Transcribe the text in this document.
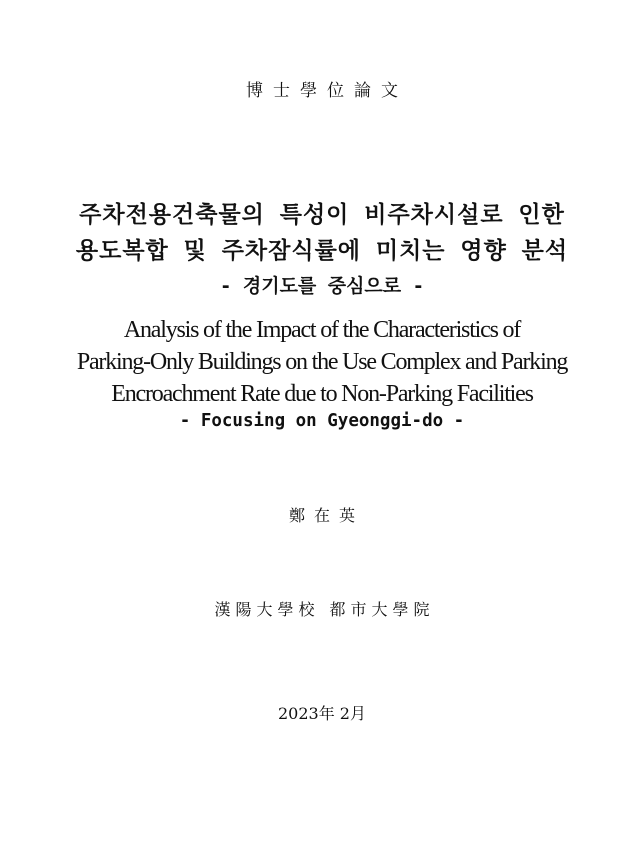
博士學位論文
주차전용건축물의 특성이 비주차시설로 인한
용도복합 및 주차잠식률에 미치는 영향 분석
- 경기도를 중심으로 -
Analysis of the Impact of the Characteristics of
Parking-Only Buildings on the Use Complex and Parking
Encroachment Rate due to Non-Parking Facilities
- Focusing on Gyeonggi-do -
鄭在英
漢陽大學校 都市大學院
2023年 2月
